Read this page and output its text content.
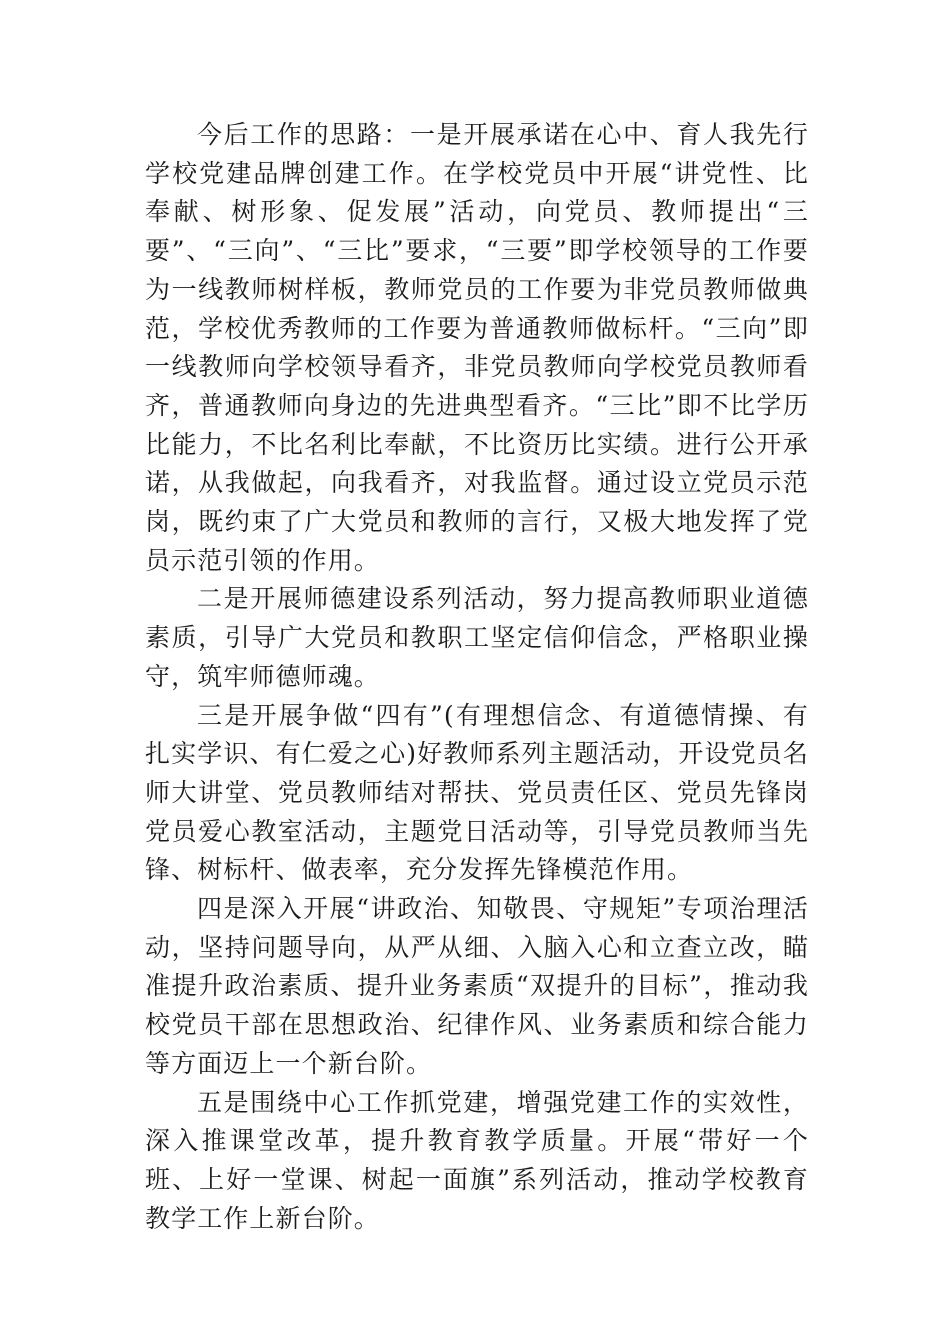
今后工作的思路：一是开展承诺在心中、育人我先行学校党建品牌创建工作。在学校党员中开展“讲党性、比奉献、树形象、促发展”活动，向党员、教师提出“三要”、“三向”、“三比”要求，“三要”即学校领导的工作要为一线教师树样板，教师党员的工作要为非党员教师做典范，学校优秀教师的工作要为普通教师做标杆。“三向”即一线教师向学校领导看齐，非党员教师向学校党员教师看齐，普通教师向身边的先进典型看齐。“三比”即不比学历比能力，不比名利比奉献，不比资历比实绩。进行公开承诺，从我做起，向我看齐，对我监督。通过设立党员示范岗，既约束了广大党员和教师的言行，又极大地发挥了党员示范引领的作用。

二是开展师德建设系列活动，努力提高教师职业道德素质，引导广大党员和教职工坚定信仰信念，严格职业操守，筑牢师德师魂。

三是开展争做“四有”(有理想信念、有道德情操、有扎实学识、有仁爱之心)好教师系列主题活动，开设党员名师大讲堂、党员教师结对帮扶、党员责任区、党员先锋岗党员爱心教室活动，主题党日活动等，引导党员教师当先锋、树标杆、做表率，充分发挥先锋模范作用。

四是深入开展“讲政治、知敬畏、守规矩”专项治理活动，坚持问题导向，从严从细、入脑入心和立查立改，瞄准提升政治素质、提升业务素质“双提升的目标”，推动我校党员干部在思想政治、纪律作风、业务素质和综合能力等方面迈上一个新台阶。

五是围绕中心工作抓党建，增强党建工作的实效性，深入推课堂改革，提升教育教学质量。开展“带好一个班、上好一堂课、树起一面旗”系列活动，推动学校教育教学工作上新台阶。
